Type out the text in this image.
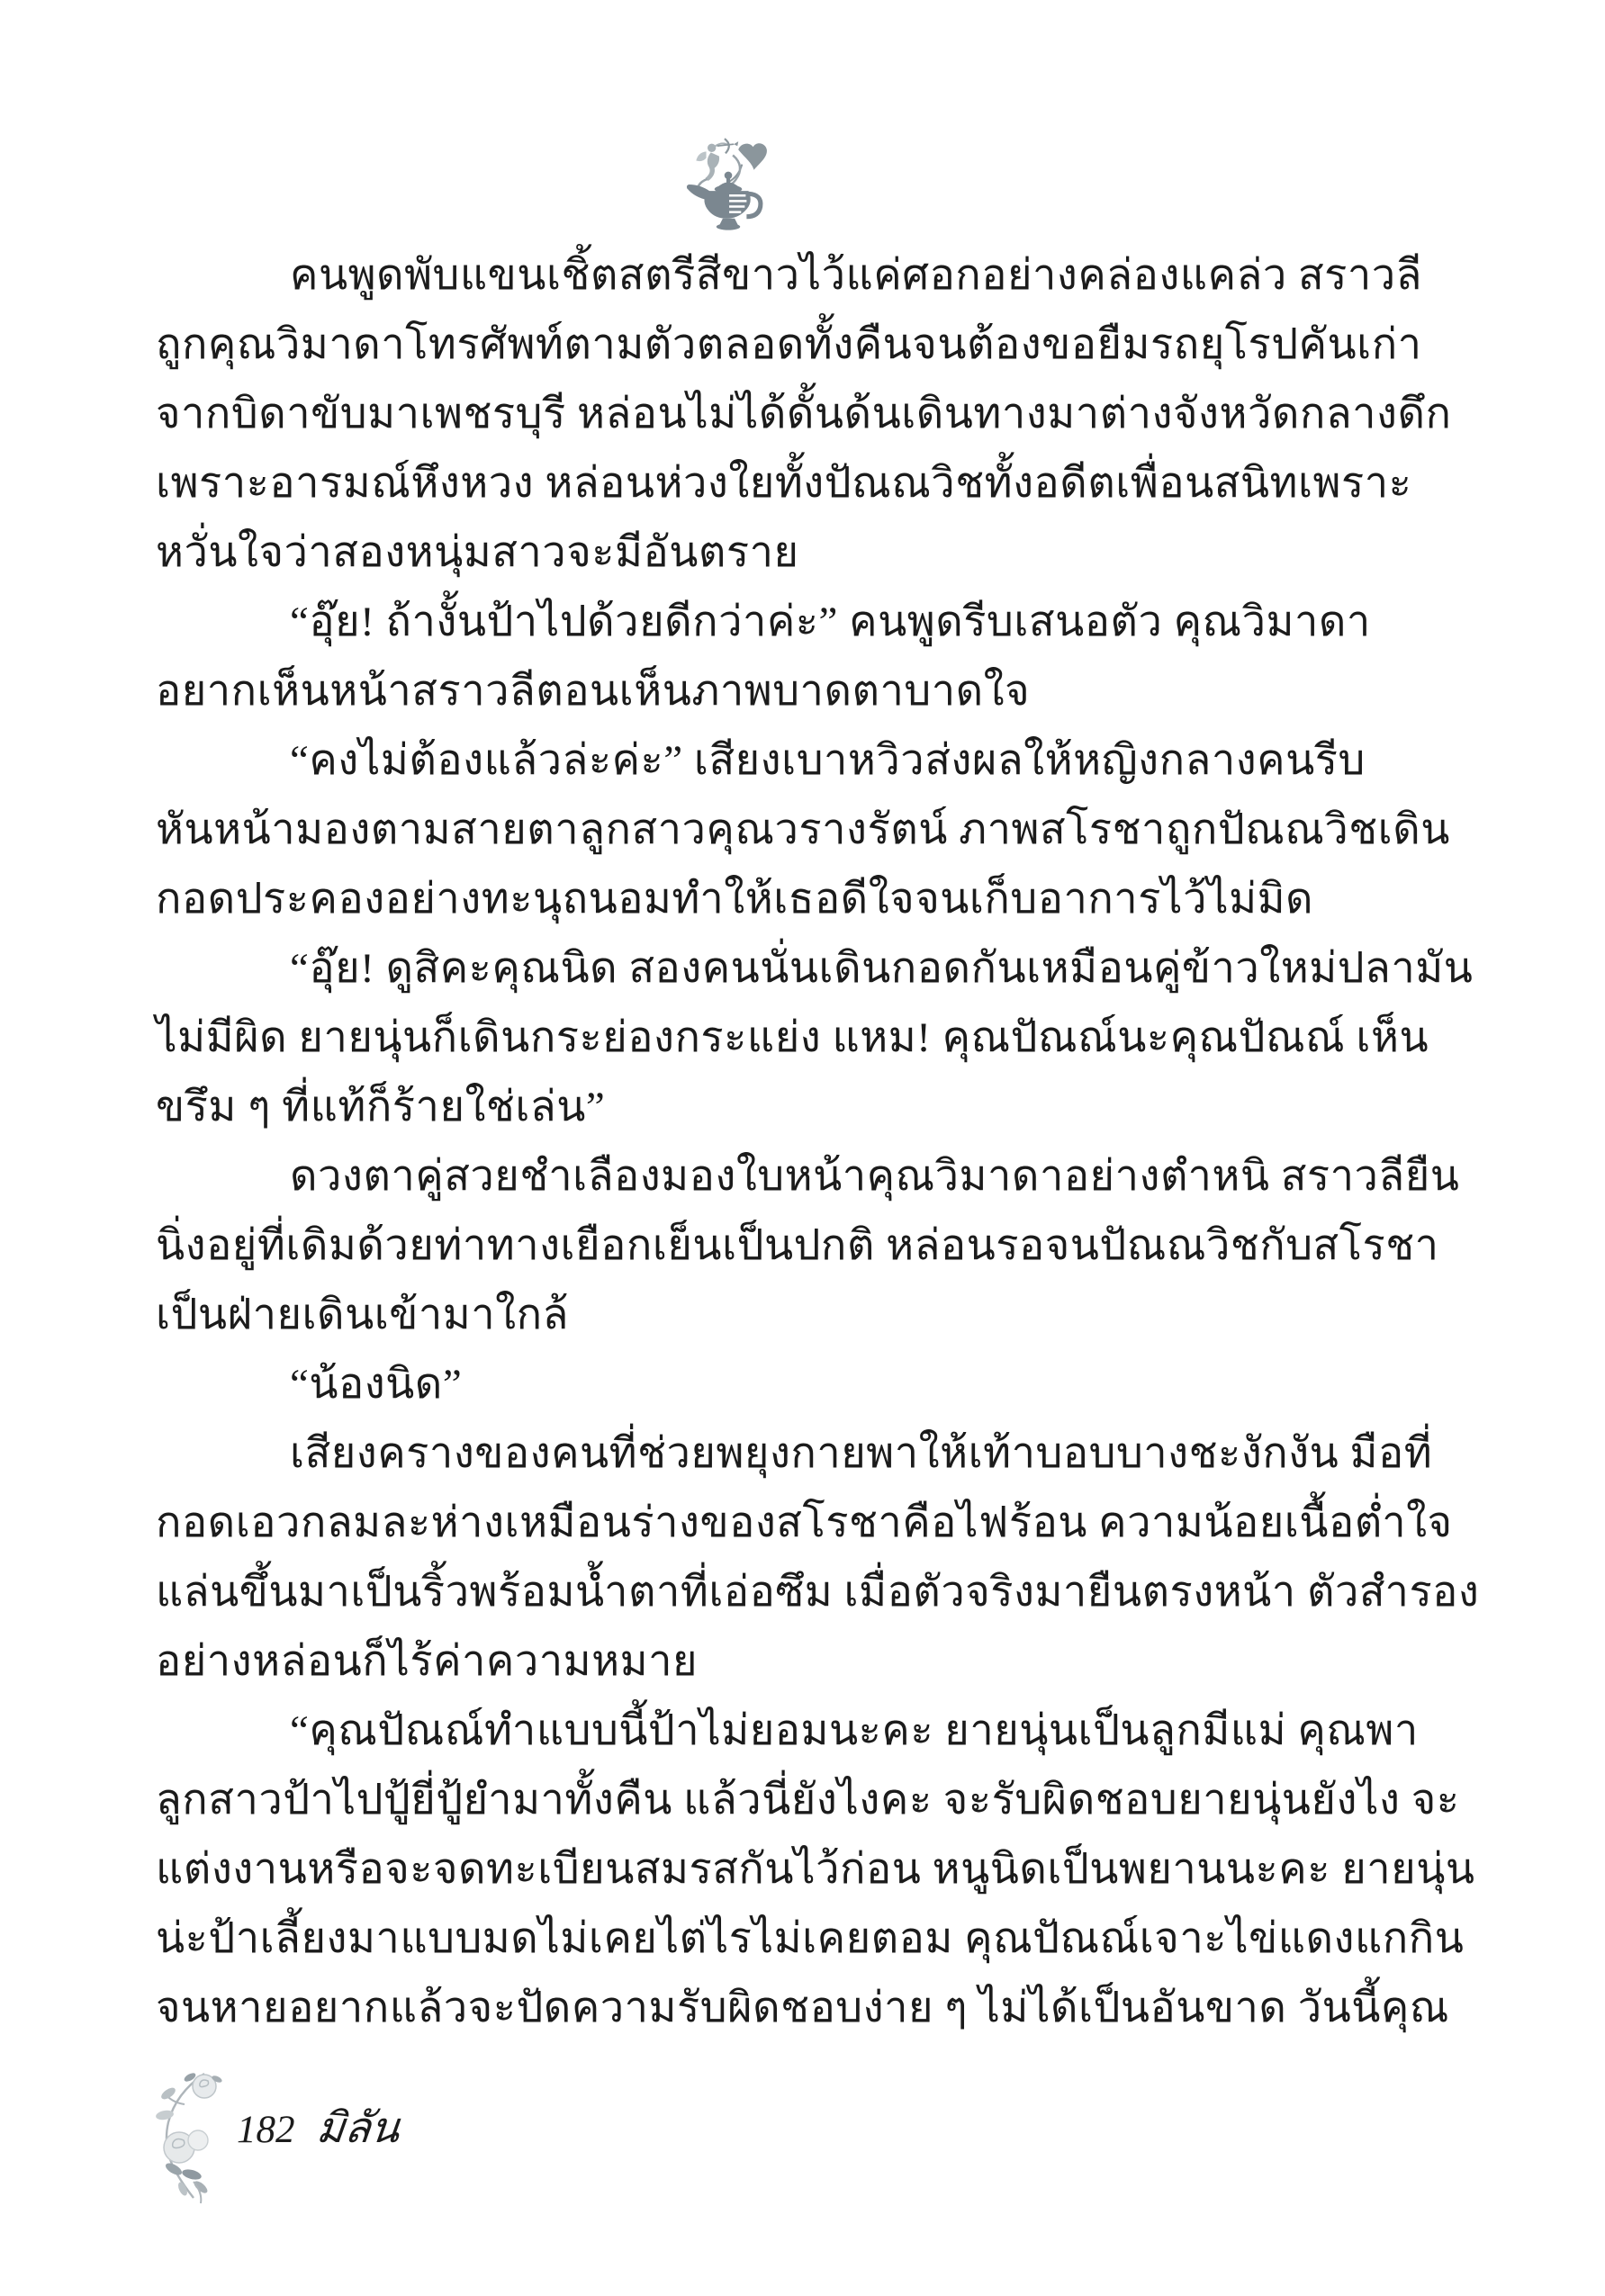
คนพูดพับแขนเชิ้ตสตรีสีขาวไว้แค่ศอกอย่างคล่องแคล่ว สราวลี
ถูกคุณวิมาดาโทรศัพท์ตามตัวตลอดทั้งคืนจนต้องขอยืมรถยุโรปคันเก่า
จากบิดาขับมาเพชรบุรี หล่อนไม่ได้ดั้นด้นเดินทางมาต่างจังหวัดกลางดึก
เพราะอารมณ์หึงหวง หล่อนห่วงใยทั้งปัณณวิชทั้งอดีตเพื่อนสนิทเพราะ
หวั่นใจว่าสองหนุ่มสาวจะมีอันตราย
“อุ๊ย! ถ้างั้นป้าไปด้วยดีกว่าค่ะ” คนพูดรีบเสนอตัว คุณวิมาดา
อยากเห็นหน้าสราวลีตอนเห็นภาพบาดตาบาดใจ
“คงไม่ต้องแล้วล่ะค่ะ” เสียงเบาหวิวส่งผลให้หญิงกลางคนรีบ
หันหน้ามองตามสายตาลูกสาวคุณวรางรัตน์ ภาพสโรชาถูกปัณณวิชเดิน
กอดประคองอย่างทะนุถนอมทำให้เธอดีใจจนเก็บอาการไว้ไม่มิด
“อุ๊ย! ดูสิคะคุณนิด สองคนนั่นเดินกอดกันเหมือนคู่ข้าวใหม่ปลามัน
ไม่มีผิด ยายนุ่นก็เดินกระย่องกระแย่ง แหม! คุณปัณณ์นะคุณปัณณ์ เห็น
ขรึม ๆ ที่แท้ก็ร้ายใช่เล่น”
ดวงตาคู่สวยชำเลืองมองใบหน้าคุณวิมาดาอย่างตำหนิ สราวลียืน
นิ่งอยู่ที่เดิมด้วยท่าทางเยือกเย็นเป็นปกติ หล่อนรอจนปัณณวิชกับสโรชา
เป็นฝ่ายเดินเข้ามาใกล้
“น้องนิด”
เสียงครางของคนที่ช่วยพยุงกายพาให้เท้าบอบบางชะงักงัน มือที่
กอดเอวกลมละห่างเหมือนร่างของสโรชาคือไฟร้อน ความน้อยเนื้อต่ำใจ
แล่นขึ้นมาเป็นริ้วพร้อมน้ำตาที่เอ่อซึม เมื่อตัวจริงมายืนตรงหน้า ตัวสำรอง
อย่างหล่อนก็ไร้ค่าความหมาย
“คุณปัณณ์ทำแบบนี้ป้าไม่ยอมนะคะ ยายนุ่นเป็นลูกมีแม่ คุณพา
ลูกสาวป้าไปปู้ยี่ปู้ยำมาทั้งคืน แล้วนี่ยังไงคะ จะรับผิดชอบยายนุ่นยังไง จะ
แต่งงานหรือจะจดทะเบียนสมรสกันไว้ก่อน หนูนิดเป็นพยานนะคะ ยายนุ่น
น่ะป้าเลี้ยงมาแบบมดไม่เคยไต่ไรไม่เคยตอม คุณปัณณ์เจาะไข่แดงแกกิน
จนหายอยากแล้วจะปัดความรับผิดชอบง่าย ๆ ไม่ได้เป็นอันขาด วันนี้คุณ
182 มิลัน
